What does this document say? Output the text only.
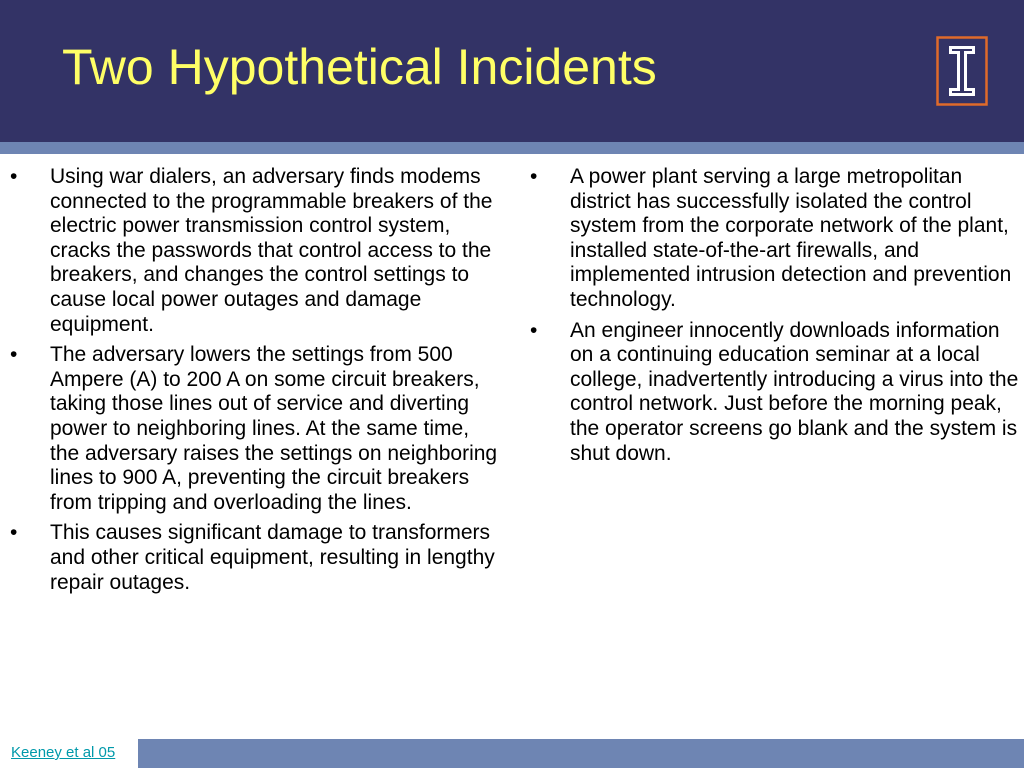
Two Hypothetical Incidents
•	Using war dialers, an adversary finds modems connected to the programmable breakers of the electric power transmission control system, cracks the passwords that control access to the breakers, and changes the control settings to cause local power outages and damage equipment.
•	The adversary lowers the settings from 500 Ampere (A) to 200 A on some circuit breakers, taking those lines out of service and diverting power to neighboring lines. At the same time, the adversary raises the settings on neighboring lines to 900 A, preventing the circuit breakers from tripping and overloading the lines.
•	This causes significant damage to transformers and other critical equipment, resulting in lengthy repair outages.
•	A power plant serving a large metropolitan district has successfully isolated the control system from the corporate network of the plant, installed state-of-the-art firewalls, and implemented intrusion detection and prevention technology.
•	An engineer innocently downloads information on a continuing education seminar at a local college, inadvertently introducing a virus into the control network. Just before the morning peak, the operator screens go blank and the system is shut down.
Keeney et al 05
